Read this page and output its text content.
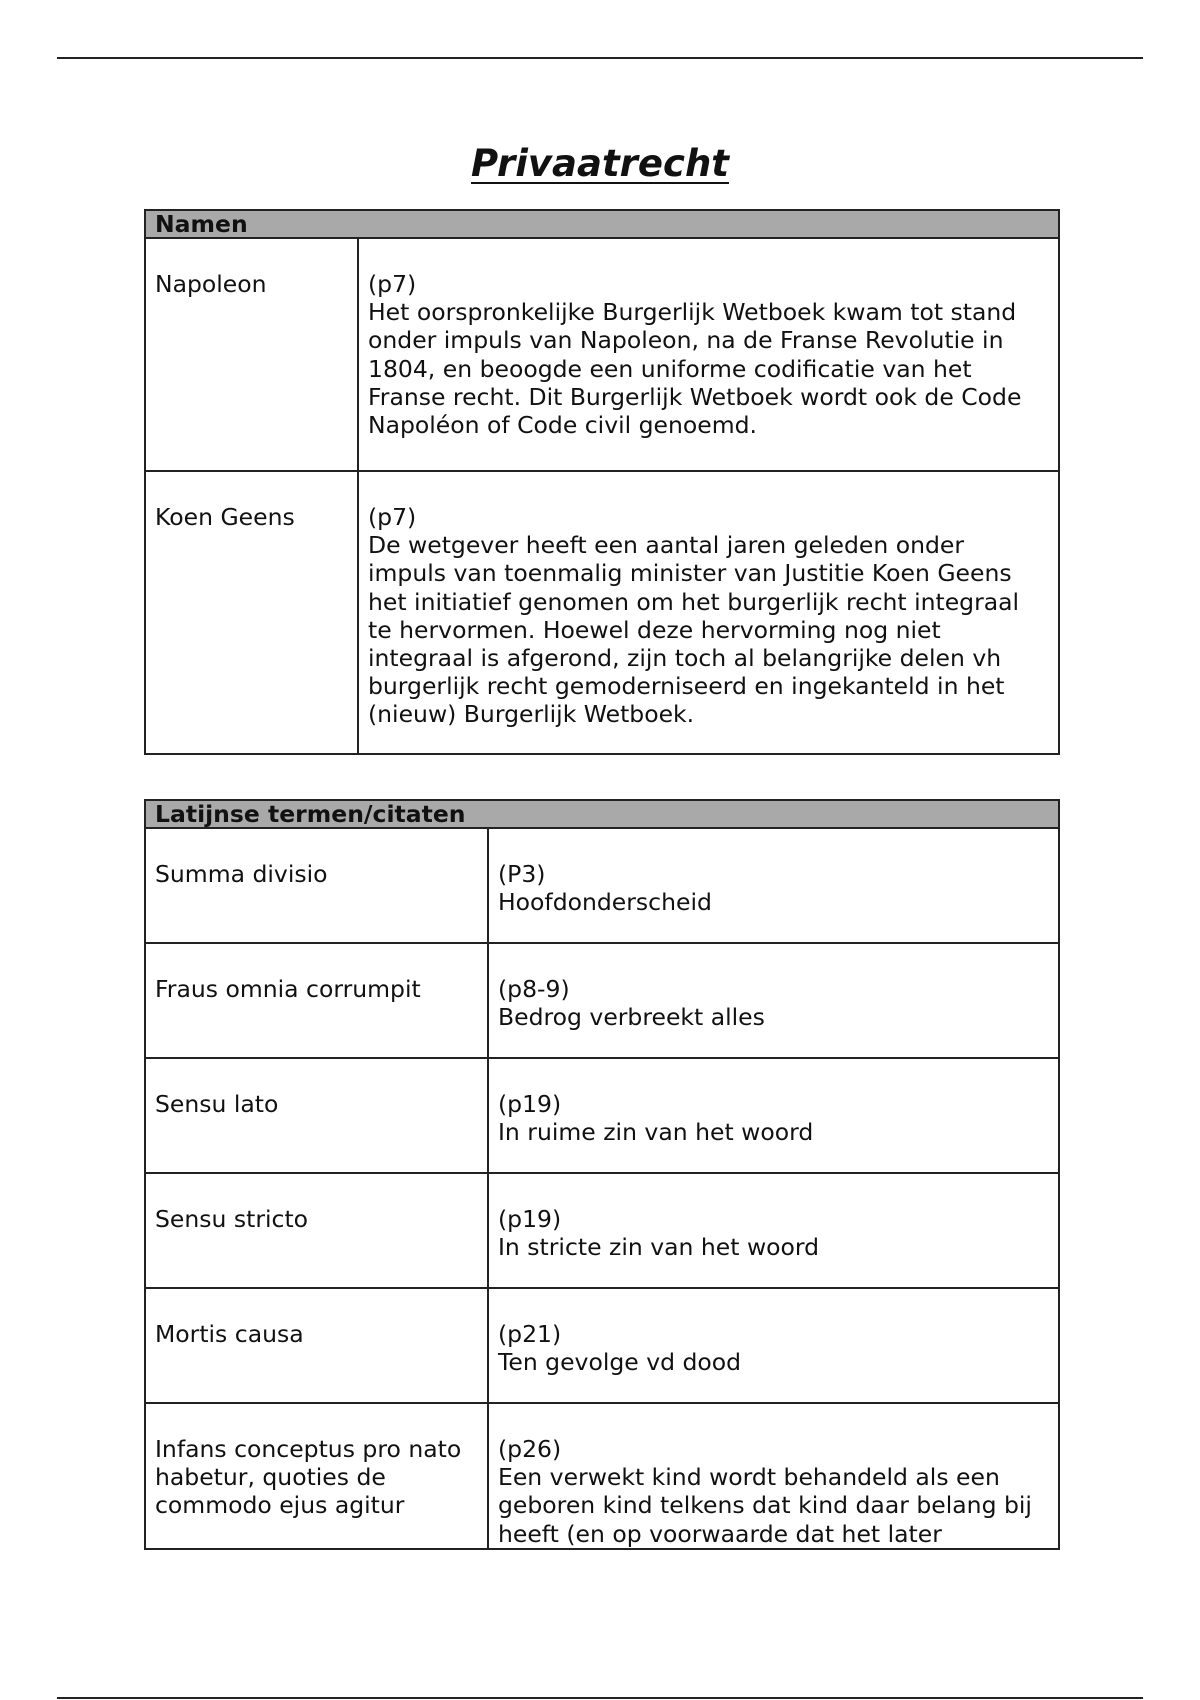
Privaatrecht
Namen	
Napoleon	(p7)
Het oorspronkelijke Burgerlijk Wetboek kwam tot stand onder impuls van Napoleon, na de Franse Revolutie in 1804, en beoogde een uniforme codificatie van het Franse recht. Dit Burgerlijk Wetboek wordt ook de Code Napoléon of Code civil genoemd.
Koen Geens	(p7)
De wetgever heeft een aantal jaren geleden onder impuls van toenmalig minister van Justitie Koen Geens het initiatief genomen om het burgerlijk recht integraal te hervormen. Hoewel deze hervorming nog niet integraal is afgerond, zijn toch al belangrijke delen vh burgerlijk recht gemoderniseerd en ingekanteld in het (nieuw) Burgerlijk Wetboek.
Latijnse termen/citaten	
Summa divisio	(P3)
Hoofdonderscheid
Fraus omnia corrumpit	(p8-9)
Bedrog verbreekt alles
Sensu lato	(p19)
In ruime zin van het woord
Sensu stricto	(p19)
In stricte zin van het woord
Mortis causa	(p21)
Ten gevolge vd dood
Infans conceptus pro nato habetur, quoties de commodo ejus agitur	(p26)
Een verwekt kind wordt behandeld als een geboren kind telkens dat kind daar belang bij heeft (en op voorwaarde dat het later
